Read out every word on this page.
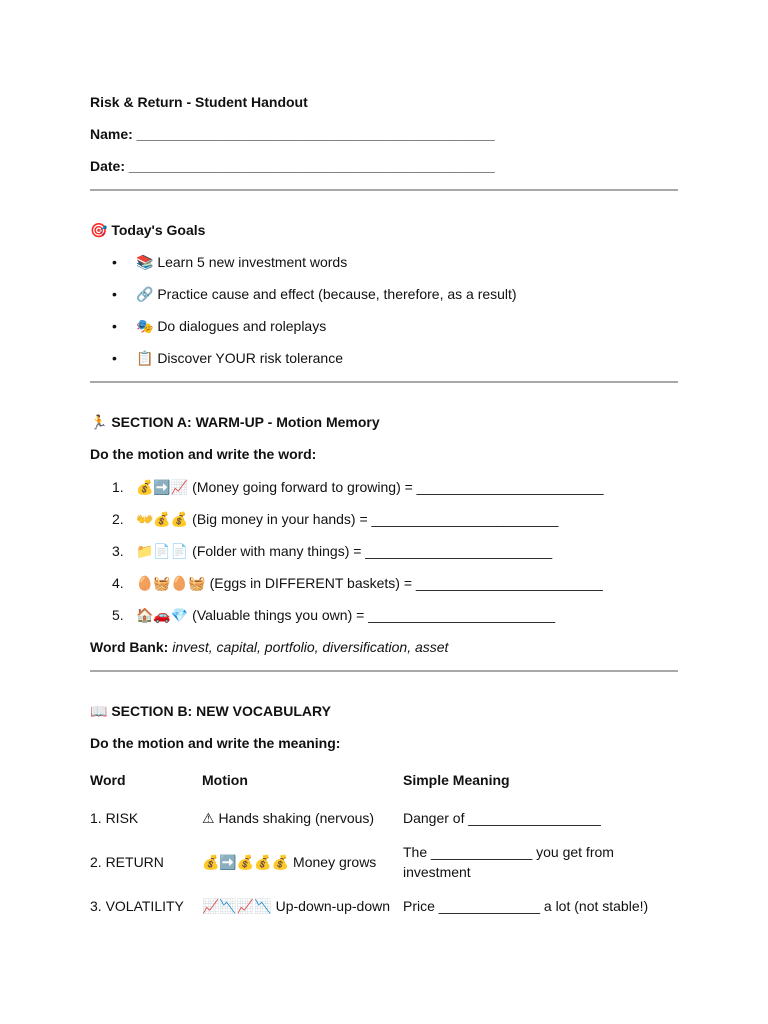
Risk & Return - Student Handout
Name: ______________________________________________
Date: _______________________________________________
🎯 Today's Goals
• 📚 Learn 5 new investment words
• 🔗 Practice cause and effect (because, therefore, as a result)
• 🎭 Do dialogues and roleplays
• 📋 Discover YOUR risk tolerance
🏃 SECTION A: WARM-UP - Motion Memory
Do the motion and write the word:
1. 💰➡️📈 (Money going forward to growing) = ________________________
2. 👐💰💰 (Big money in your hands) = ________________________
3. 📁📄📄 (Folder with many things) = ________________________
4. 🥚🧺🥚🧺 (Eggs in DIFFERENT baskets) = ________________________
5. 🏠🚗💎 (Valuable things you own) = ________________________
Word Bank: invest, capital, portfolio, diversification, asset
📖 SECTION B: NEW VOCABULARY
Do the motion and write the meaning:
Word	Motion	Simple Meaning
1. RISK	⚠ Hands shaking (nervous)	Danger of _________________
2. RETURN	💰➡️💰💰💰 Money grows	The _____________ you get from investment
3. VOLATILITY	📈📉📈📉 Up-down-up-down	Price _____________ a lot (not stable!)
